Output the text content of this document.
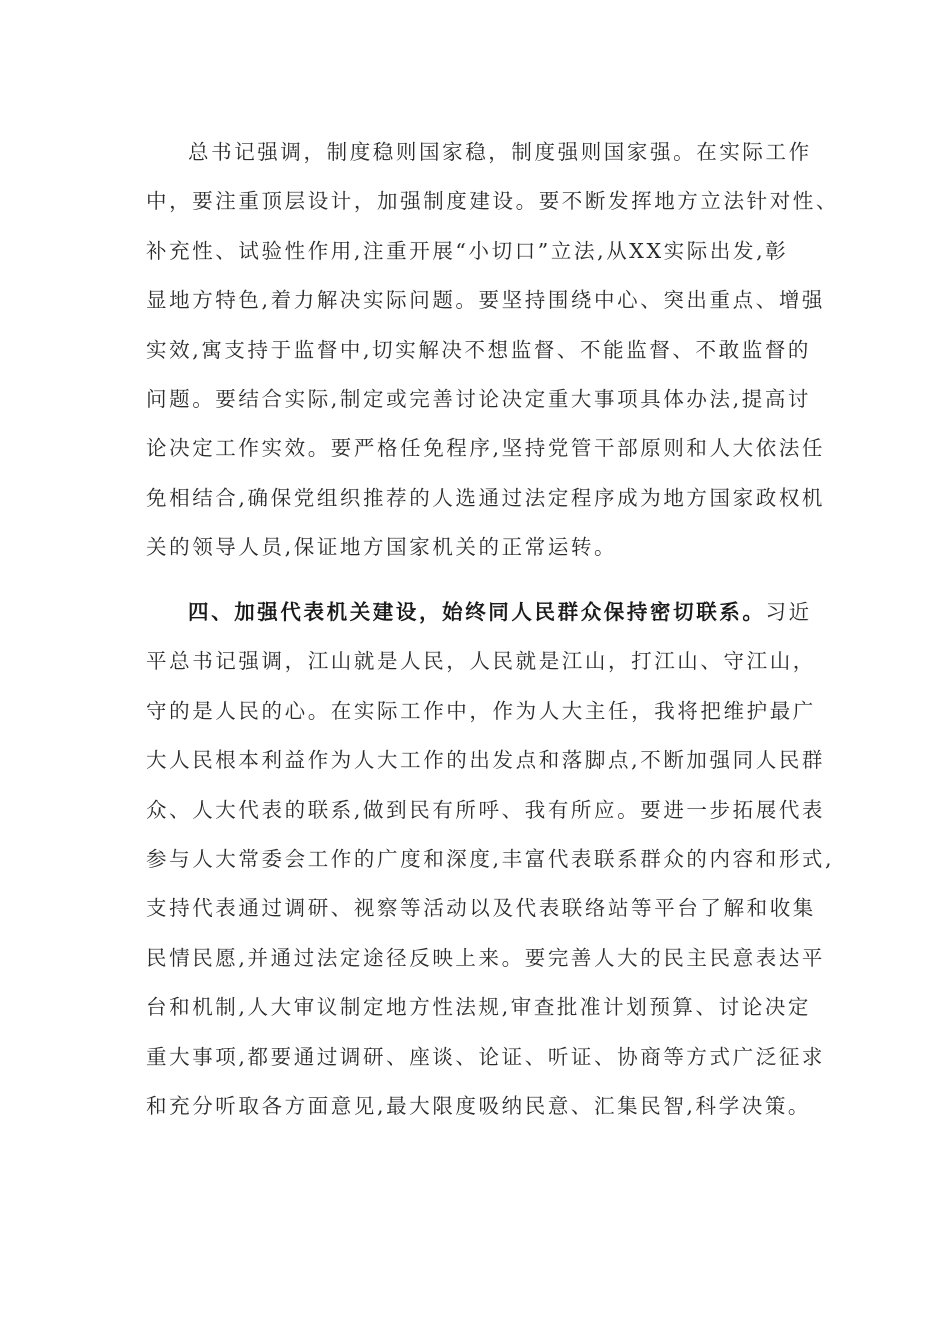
总书记强调，制度稳则国家稳，制度强则国家强。在实际工作
中，要注重顶层设计，加强制度建设。要不断发挥地方立法针对性、
补充性、试验性作用,注重开展“小切口”立法,从XX实际出发,彰
显地方特色,着力解决实际问题。要坚持围绕中心、突出重点、增强
实效,寓支持于监督中,切实解决不想监督、不能监督、不敢监督的
问题。要结合实际,制定或完善讨论决定重大事项具体办法,提高讨
论决定工作实效。要严格任免程序,坚持党管干部原则和人大依法任
免相结合,确保党组织推荐的人选通过法定程序成为地方国家政权机
关的领导人员,保证地方国家机关的正常运转。
四、加强代表机关建设，始终同人民群众保持密切联系。习近
平总书记强调，江山就是人民，人民就是江山，打江山、守江山，
守的是人民的心。在实际工作中，作为人大主任，我将把维护最广
大人民根本利益作为人大工作的出发点和落脚点,不断加强同人民群
众、人大代表的联系,做到民有所呼、我有所应。要进一步拓展代表
参与人大常委会工作的广度和深度,丰富代表联系群众的内容和形式,
支持代表通过调研、视察等活动以及代表联络站等平台了解和收集
民情民愿,并通过法定途径反映上来。要完善人大的民主民意表达平
台和机制,人大审议制定地方性法规,审查批准计划预算、讨论决定
重大事项,都要通过调研、座谈、论证、听证、协商等方式广泛征求
和充分听取各方面意见,最大限度吸纳民意、汇集民智,科学决策。
